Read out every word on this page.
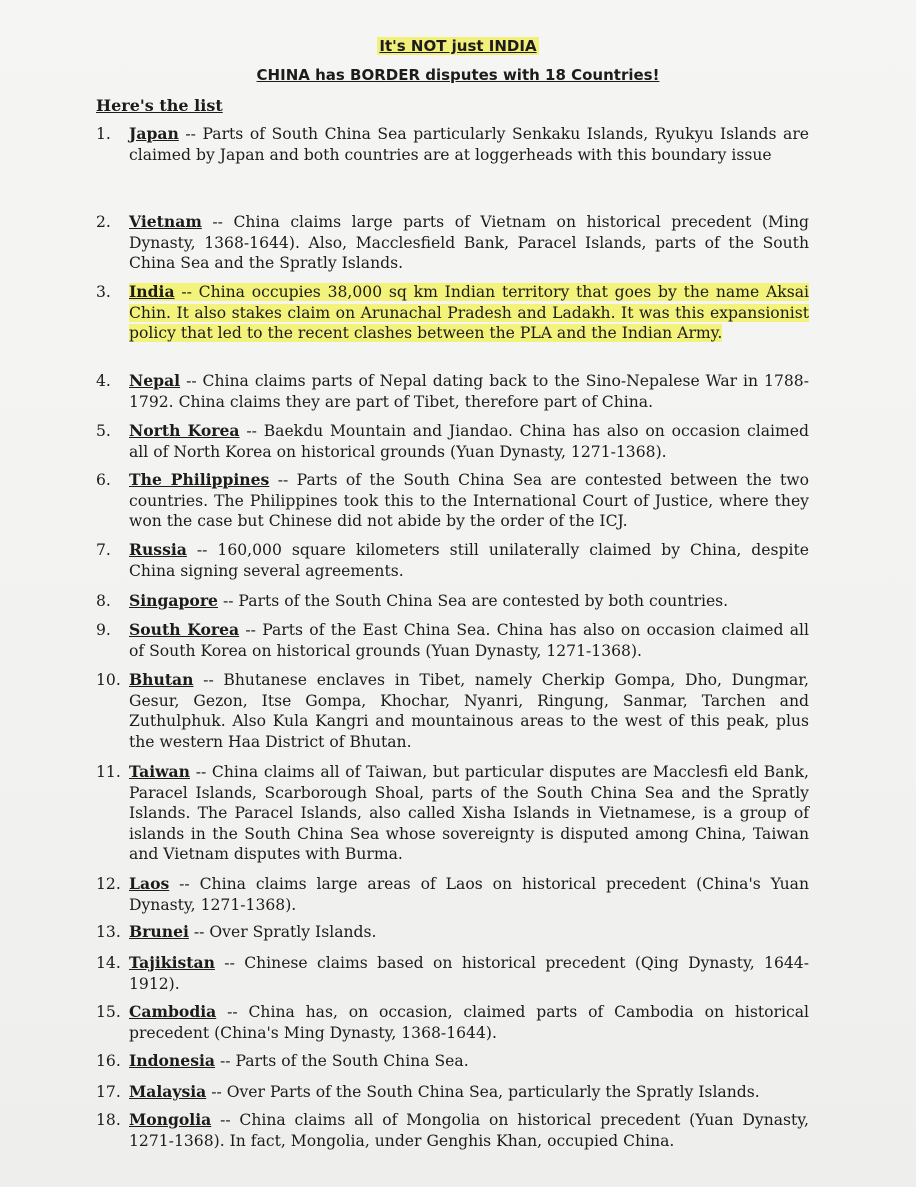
It's NOT just INDIA
CHINA has BORDER disputes with 18 Countries!
Here's the list
1.	Japan -- Parts of South China Sea particularly Senkaku Islands, Ryukyu Islands are claimed by Japan and both countries are at loggerheads with this boundary issue
2.	Vietnam -- China claims large parts of Vietnam on historical precedent (Ming Dynasty, 1368-1644). Also, Macclesfield Bank, Paracel Islands, parts of the South China Sea and the Spratly Islands.
3.	India -- China occupies 38,000 sq km Indian territory that goes by the name Aksai Chin. It also stakes claim on Arunachal Pradesh and Ladakh. It was this expansionist policy that led to the recent clashes between the PLA and the Indian Army.
4.	Nepal -- China claims parts of Nepal dating back to the Sino-Nepalese War in 1788-1792. China claims they are part of Tibet, therefore part of China.
5.	North Korea -- Baekdu Mountain and Jiandao. China has also on occasion claimed all of North Korea on historical grounds (Yuan Dynasty, 1271-1368).
6.	The Philippines -- Parts of the South China Sea are contested between the two countries. The Philippines took this to the International Court of Justice, where they won the case but Chinese did not abide by the order of the ICJ.
7.	Russia -- 160,000 square kilometers still unilaterally claimed by China, despite China signing several agreements.
8.	Singapore -- Parts of the South China Sea are contested by both countries.
9.	South Korea -- Parts of the East China Sea. China has also on occasion claimed all of South Korea on historical grounds (Yuan Dynasty, 1271-1368).
10. Bhutan -- Bhutanese enclaves in Tibet, namely Cherkip Gompa, Dho, Dungmar, Gesur, Gezon, Itse Gompa, Khochar, Nyanri, Ringung, Sanmar, Tarchen and Zuthulphuk. Also Kula Kangri and mountainous areas to the west of this peak, plus the western Haa District of Bhutan.
11. Taiwan -- China claims all of Taiwan, but particular disputes are Macclesfi eld Bank, Paracel Islands, Scarborough Shoal, parts of the South China Sea and the Spratly Islands. The Paracel Islands, also called Xisha Islands in Vietnamese, is a group of islands in the South China Sea whose sovereignty is disputed among China, Taiwan and Vietnam disputes with Burma.
12. Laos -- China claims large areas of Laos on historical precedent (China's Yuan Dynasty, 1271-1368).
13. Brunei -- Over Spratly Islands.
14. Tajikistan -- Chinese claims based on historical precedent (Qing Dynasty, 1644-1912).
15. Cambodia -- China has, on occasion, claimed parts of Cambodia on historical precedent (China's Ming Dynasty, 1368-1644).
16. Indonesia -- Parts of the South China Sea.
17. Malaysia -- Over Parts of the South China Sea, particularly the Spratly Islands.
18. Mongolia -- China claims all of Mongolia on historical precedent (Yuan Dynasty, 1271-1368). In fact, Mongolia, under Genghis Khan, occupied China.
